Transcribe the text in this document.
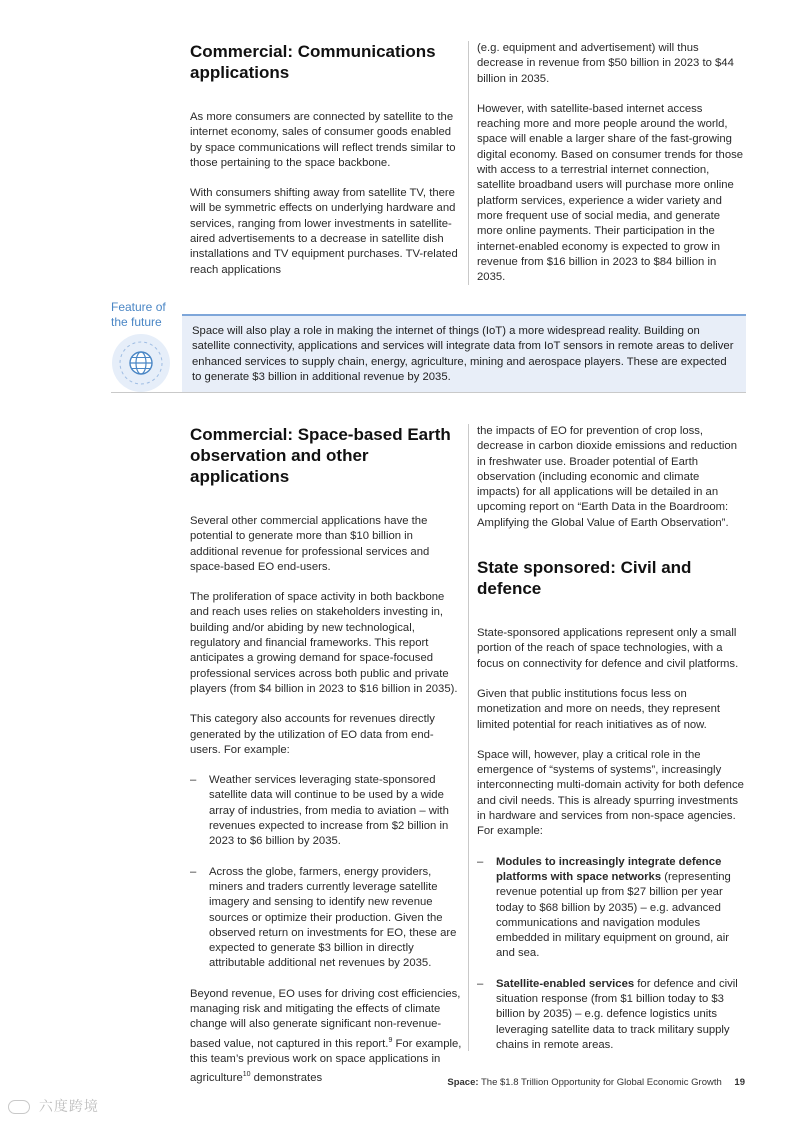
Commercial: Communications applications

As more consumers are connected by satellite to the internet economy, sales of consumer goods enabled by space communications will reflect trends similar to those pertaining to the space backbone.

With consumers shifting away from satellite TV, there will be symmetric effects on underlying hardware and services, ranging from lower investments in satellite-aired advertisements to a decrease in satellite dish installations and TV equipment purchases. TV-related reach applications

(e.g. equipment and advertisement) will thus decrease in revenue from $50 billion in 2023 to $44 billion in 2035.

However, with satellite-based internet access reaching more and more people around the world, space will enable a larger share of the fast-growing digital economy. Based on consumer trends for those with access to a terrestrial internet connection, satellite broadband users will purchase more online platform services, experience a wider variety and more frequent use of social media, and generate more online payments. Their participation in the internet-enabled economy is expected to grow in revenue from $16 billion in 2023 to $84 billion in 2035.

Feature of the future
Space will also play a role in making the internet of things (IoT) a more widespread reality. Building on satellite connectivity, applications and services will integrate data from IoT sensors in remote areas to deliver enhanced services to supply chain, energy, agriculture, mining and aerospace players. These are expected to generate $3 billion in additional revenue by 2035.
Commercial: Space-based Earth observation and other applications

Several other commercial applications have the potential to generate more than $10 billion in additional revenue for professional services and space-based EO end-users.

The proliferation of space activity in both backbone and reach uses relies on stakeholders investing in, building and/or abiding by new technological, regulatory and financial frameworks. This report anticipates a growing demand for space-focused professional services across both public and private players (from $4 billion in 2023 to $16 billion in 2035).

This category also accounts for revenues directly generated by the utilization of EO data from end-users. For example:

– Weather services leveraging state-sponsored satellite data will continue to be used by a wide array of industries, from media to aviation – with revenues expected to increase from $2 billion in 2023 to $6 billion by 2035.
– Across the globe, farmers, energy providers, miners and traders currently leverage satellite imagery and sensing to identify new revenue sources or optimize their production. Given the observed return on investments for EO, these are expected to generate $3 billion in directly attributable additional net revenues by 2035.

Beyond revenue, EO uses for driving cost efficiencies, managing risk and mitigating the effects of climate change will also generate significant non-revenue-based value, not captured in this report.$^9$ For example, this team’s previous work on space applications in agriculture$^{10}$ demonstrates

the impacts of EO for prevention of crop loss, decrease in carbon dioxide emissions and reduction in freshwater use. Broader potential of Earth observation (including economic and climate impacts) for all applications will be detailed in an upcoming report on “Earth Data in the Boardroom: Amplifying the Global Value of Earth Observation”.

State sponsored: Civil and defence

State-sponsored applications represent only a small portion of the reach of space technologies, with a focus on connectivity for defence and civil platforms.

Given that public institutions focus less on monetization and more on needs, they represent limited potential for reach initiatives as of now.

Space will, however, play a critical role in the emergence of “systems of systems”, increasingly interconnecting multi-domain activity for both defence and civil needs. This is already spurring investments in hardware and services from non-space agencies. For example:

– Modules to increasingly integrate defence platforms with space networks (representing revenue potential up from $27 billion per year today to $68 billion by 2035) – e.g. advanced communications and navigation modules embedded in military equipment on ground, air and sea.
– Satellite-enabled services for defence and civil situation response (from $1 billion today to $3 billion by 2035) – e.g. defence logistics units leveraging satellite data to track military supply chains in remote areas.
Space: The $1.8 Trillion Opportunity for Global Economic Growth 19
六度跨境
